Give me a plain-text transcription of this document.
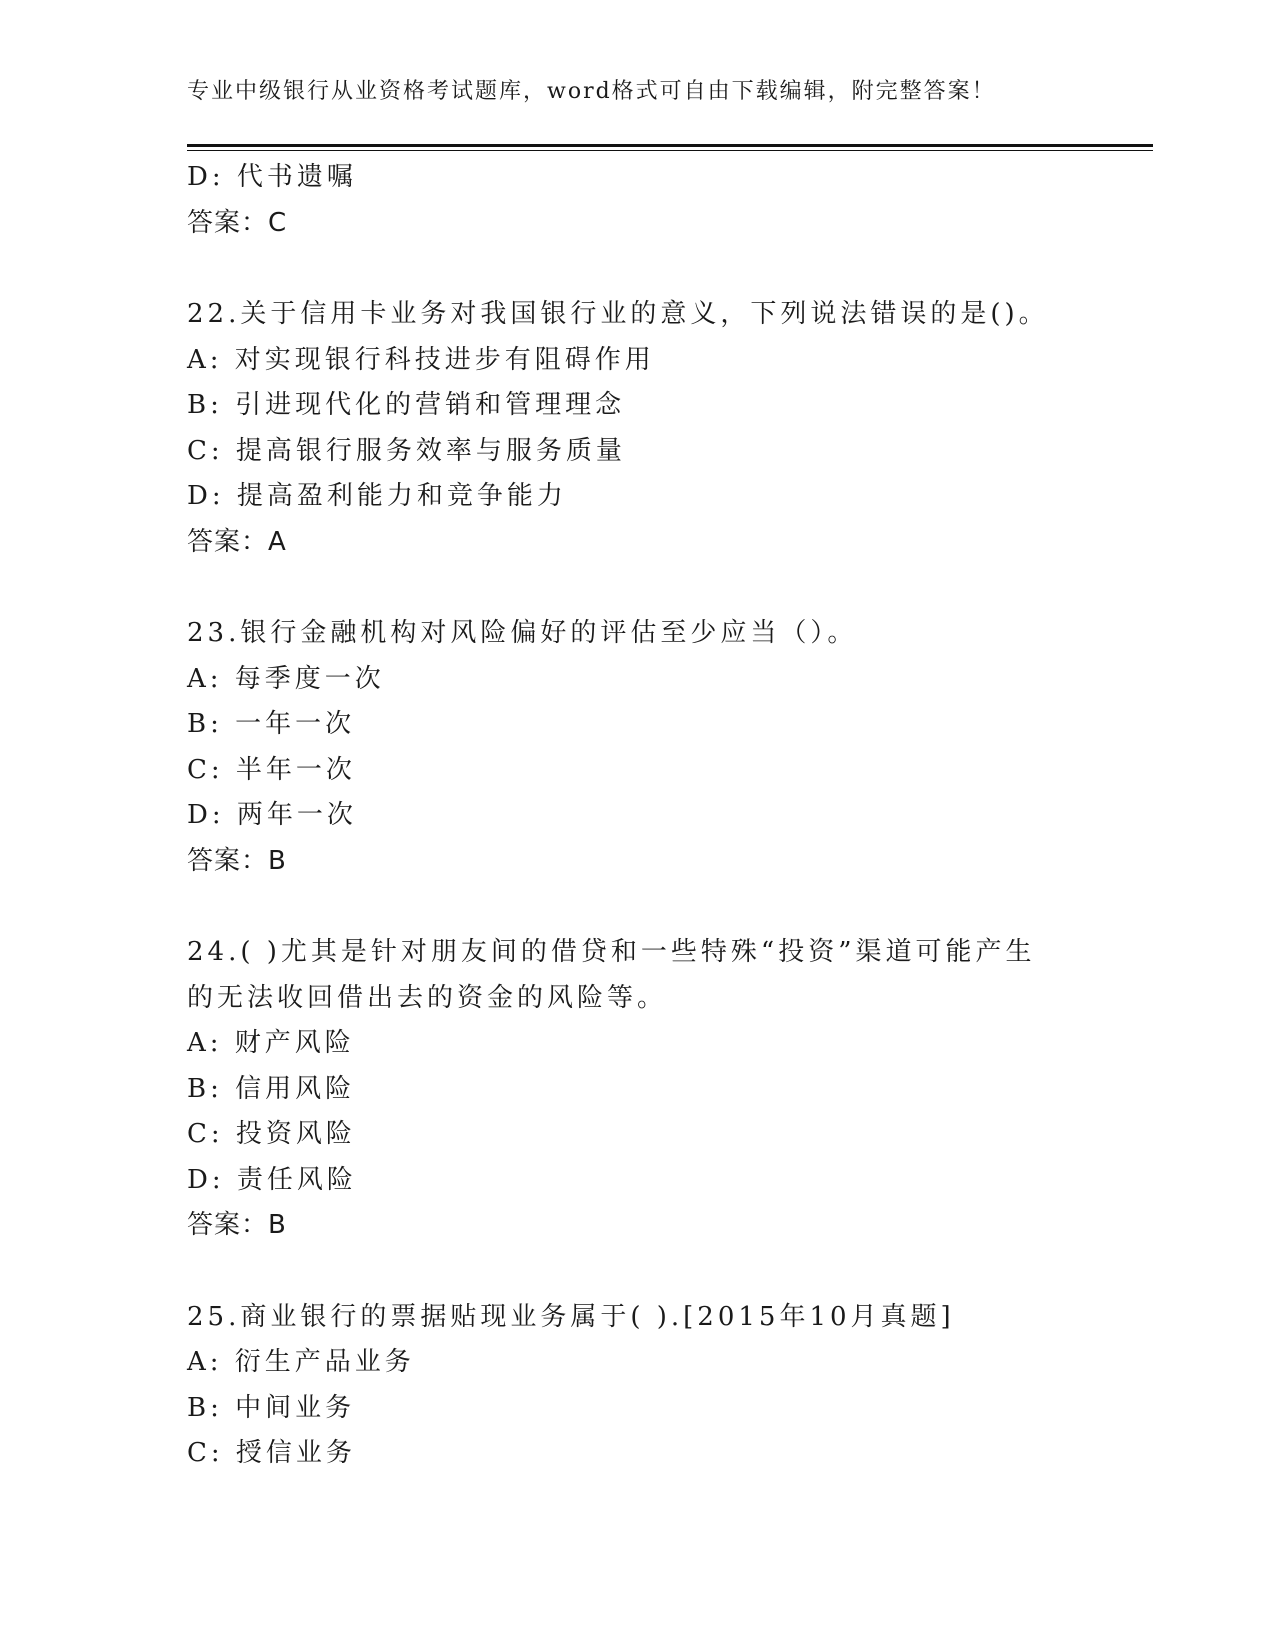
专业中级银行从业资格考试题库，word格式可自由下载编辑，附完整答案！
D: 代书遗嘱
答案：C
22.关于信用卡业务对我国银行业的意义，下列说法错误的是()。
A: 对实现银行科技进步有阻碍作用
B: 引进现代化的营销和管理理念
C: 提高银行服务效率与服务质量
D: 提高盈利能力和竞争能力
答案：A
23.银行金融机构对风险偏好的评估至少应当（）。
A: 每季度一次
B: 一年一次
C: 半年一次
D: 两年一次
答案：B
24.( )尤其是针对朋友间的借贷和一些特殊“投资”渠道可能产生
的无法收回借出去的资金的风险等。
A: 财产风险
B: 信用风险
C: 投资风险
D: 责任风险
答案：B
25.商业银行的票据贴现业务属于( ).[2015年10月真题]
A: 衍生产品业务
B: 中间业务
C: 授信业务
